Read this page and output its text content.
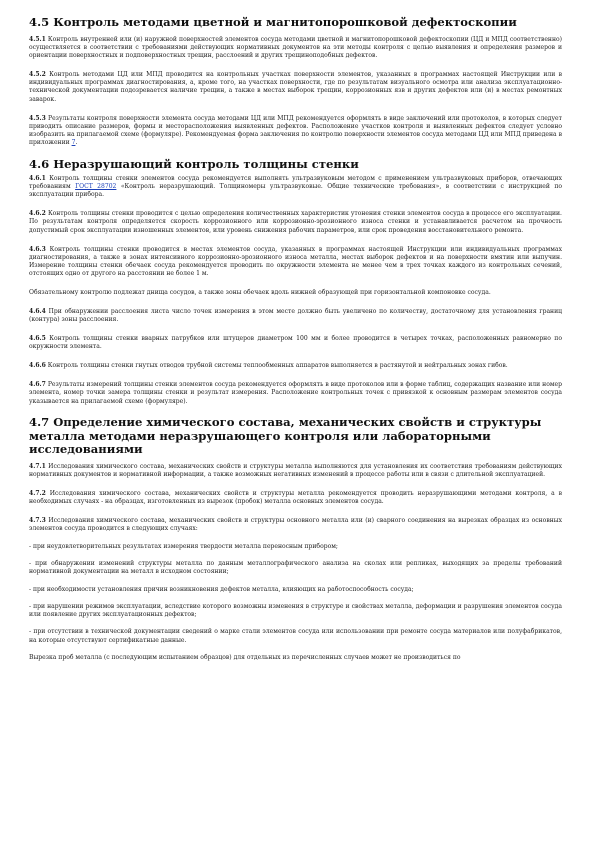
4.5 Контроль методами цветной и магнитопорошковой дефектоскопии

4.5.1 Контроль внутренней или (и) наружной поверхностей элементов сосуда методами цветной и магнитопорошковой дефектоскопии (ЦД и МПД соответственно) осуществляется в соответствии с требованиями действующих нормативных документов на эти методы контроля с целью выявления и определения размеров и ориентации поверхностных и подповерхностных трещин, расслоений и других трещиноподобных дефектов.

4.5.2 Контроль методами ЦД или МПД проводится на контрольных участках поверхности элементов, указанных в программах настоящей Инструкции или в индивидуальных программах диагностирования, а, кроме того, на участках поверхности, где по результатам визуального осмотра или анализа эксплуатационно-технической документации подозревается наличие трещин, а также в местах выборок трещин, коррозионных язв и других дефектов или (и) в местах ремонтных заварок.

4.5.3 Результаты контроля поверхности элемента сосуда методами ЦД или МПД рекомендуется оформлять в виде заключений или протоколов, в которых следует приводить описание размеров, формы и месторасположения выявленных дефектов. Расположение участков контроля и выявленных дефектов следует условно изобразить на прилагаемой схеме (формуляре). Рекомендуемая форма заключения по контролю поверхности элементов сосуда методами ЦД или МПД приведена в приложении 7.

4.6 Неразрушающий контроль толщины стенки

4.6.1 Контроль толщины стенки элементов сосуда рекомендуется выполнять ультразвуковым методом с применением ультразвуковых приборов, отвечающих требованиям ГОСТ 28702 «Контроль неразрушающий. Толщиномеры ультразвуковые. Общие технические требования», в соответствии с инструкцией по эксплуатации прибора.

4.6.2 Контроль толщины стенки проводится с целью определения количественных характеристик утонения стенки элементов сосуда в процессе его эксплуатации. По результатам контроля определяется скорость коррозионного или коррозионно-эрозионного износа стенки и устанавливается расчетом на прочность допустимый срок эксплуатации изношенных элементов, или уровень снижения рабочих параметров, или срок проведения восстановительного ремонта.

4.6.3 Контроль толщины стенки проводится в местах элементов сосуда, указанных в программах настоящей Инструкции или индивидуальных программах диагностирования, а также в зонах интенсивного коррозионно-эрозионного износа металла, местах выборок дефектов и на поверхности вмятин или выпучин. Измерение толщины стенки обечаек сосуда рекомендуется проводить по окружности элемента не менее чем в трех точках каждого из контрольных сечений, отстоящих одно от другого на расстоянии не более 1 м.

Обязательному контролю подлежат днища сосудов, а также зоны обечаек вдоль нижней образующей при горизонтальной компоновке сосуда.

4.6.4 При обнаружении расслоения листа число точек измерения в этом месте должно быть увеличено по количеству, достаточному для установления границ (контура) зоны расслоения.

4.6.5 Контроль толщины стенки вварных патрубков или штуцеров диаметром 100 мм и более проводится в четырех точках, расположенных равномерно по окружности элемента.

4.6.6 Контроль толщины стенки гнутых отводов трубной системы теплообменных аппаратов выполняется в растянутой и нейтральных зонах гибов.

4.6.7 Результаты измерений толщины стенки элементов сосуда рекомендуется оформлять в виде протоколов или в форме таблиц, содержащих название или номер элемента, номер точки замера толщины стенки и результат измерения. Расположение контрольных точек с привязкой к основным размерам элементов сосуда указывается на прилагаемой схеме (формуляре).

4.7 Определение химического состава, механических свойств и структуры металла методами неразрушающего контроля или лабораторными исследованиями

4.7.1 Исследования химического состава, механических свойств и структуры металла выполняются для установления их соответствия требованиям действующих нормативных документов и нормативной информации, а также возможных негативных изменений в процессе работы или в связи с длительной эксплуатацией.

4.7.2 Исследования химического состава, механических свойств и структуры металла рекомендуется проводить неразрушающими методами контроля, а в необходимых случаях - на образцах, изготовленных из вырезок (пробок) металла основных элементов сосуда.

4.7.3 Исследования химического состава, механических свойств и структуры основного металла или (и) сварного соединения на вырезках образцах из основных элементов сосуда проводится в следующих случаях:

- при неудовлетворительных результатах измерения твердости металла переносным прибором;

- при обнаружении изменений структуры металла по данным металлографического анализа на сколах или репликах, выходящих за пределы требований нормативной документации на металл в исходном состоянии;

- при необходимости установления причин возникновения дефектов металла, влияющих на работоспособность сосуда;

- при нарушении режимов эксплуатации, вследствие которого возможны изменения в структуре и свойствах металла, деформации и разрушения элементов сосуда или появление других эксплуатационных дефектов;

- при отсутствии в технической документации сведений о марке стали элементов сосуда или использовании при ремонте сосуда материалов или полуфабрикатов, на которые отсутствуют сертификатные данные.

Вырезка проб металла (с последующим испытанием образцов) для отдельных из перечисленных случаев может не производиться по
